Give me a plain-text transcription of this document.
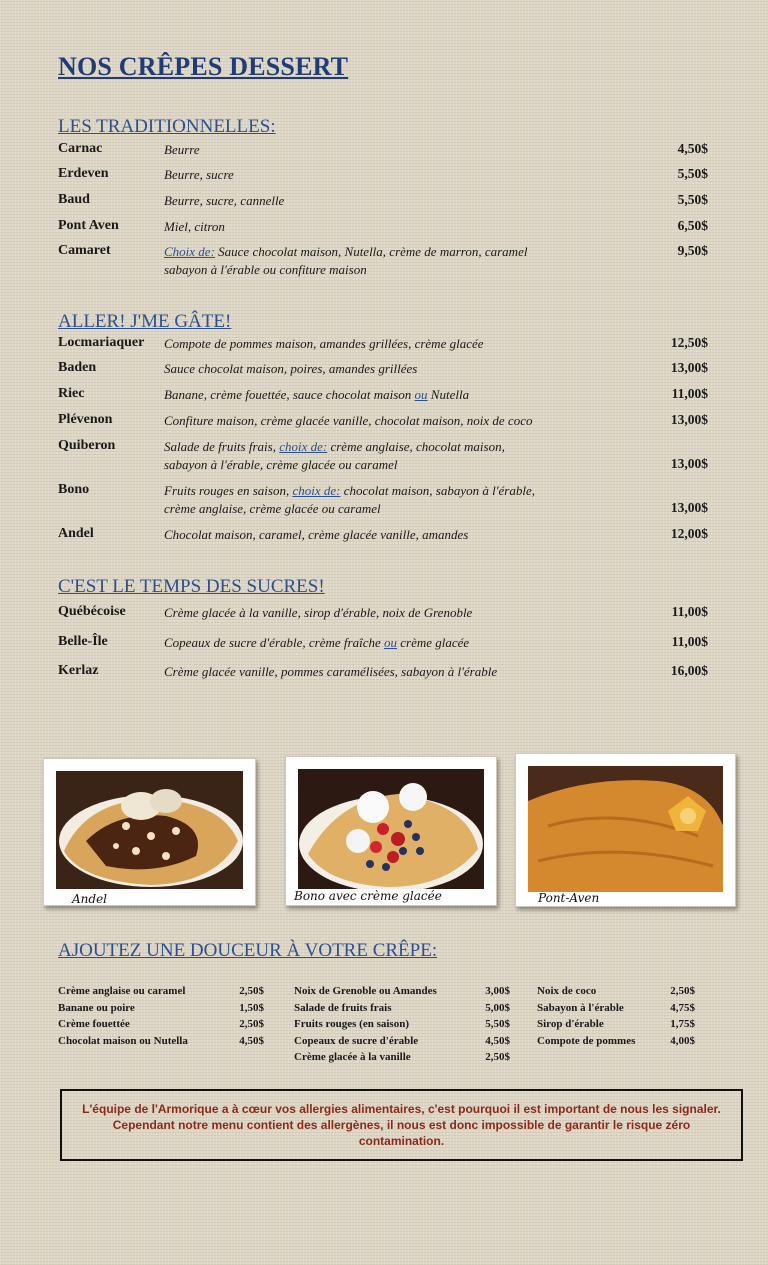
NOS CRÊPES DESSERT
LES TRADITIONNELLES:
Carnac	Beurre	4,50$
Erdeven	Beurre, sucre	5,50$
Baud	Beurre, sucre, cannelle	5,50$
Pont Aven	Miel, citron	6,50$
Camaret	Choix de: Sauce chocolat maison, Nutella, crème de marron, caramel
sabayon à l'érable ou confiture maison
9,50$
ALLER! J'ME GÂTE!
Locmariaquer Compote de pommes maison, amandes grillées, crème glacée	12,50$
Baden	Sauce chocolat maison, poires, amandes grillées	13,00$
Riec	Banane, crème fouettée, sauce chocolat maison ou Nutella	11,00$
Plévenon	Confiture maison, crème glacée vanille, chocolat maison, noix de coco	13,00$
Quiberon	Salade de fruits frais, choix de: crème anglaise, chocolat maison,
sabayon à l'érable, crème glacée ou caramel	13,00$
Bono	Fruits rouges en saison, choix de: chocolat maison, sabayon à l'érable,
crème anglaise, crème glacée ou caramel	13,00$
Andel	Chocolat maison, caramel, crème glacée vanille, amandes	12,00$
C'EST LE TEMPS DES SUCRES!
Québécoise	Crème glacée à la vanille, sirop d'érable, noix de Grenoble	11,00$
Belle-Île	Copeaux de sucre d'érable, crème fraîche ou crème glacée	11,00$
Kerlaz	Crème glacée vanille, pommes caramélisées, sabayon à l'érable	16,00$
Andel	Bono avec crème glacée	Pont-Aven
AJOUTEZ UNE DOUCEUR À VOTRE CRÊPE:
Crème anglaise ou caramel	2,50$
Banane ou poire	1,50$
Crème fouettée	2,50$
Chocolat maison ou Nutella	4,50$
Noix de Grenoble ou Amandes	3,00$
Salade de fruits frais	5,00$
Fruits rouges (en saison)	5,50$
Copeaux de sucre d'érable	4,50$
Crème glacée à la vanille	2,50$
Noix de coco	2,50$
Sabayon à l'érable	4,75$
Sirop d'érable	1,75$
Compote de pommes	4,00$
L'équipe de l'Armorique a à cœur vos allergies alimentaires, c'est pourquoi il est important de nous les signaler. Cependant notre menu contient des allergènes, il nous est donc impossible de garantir le risque zéro contamination.
